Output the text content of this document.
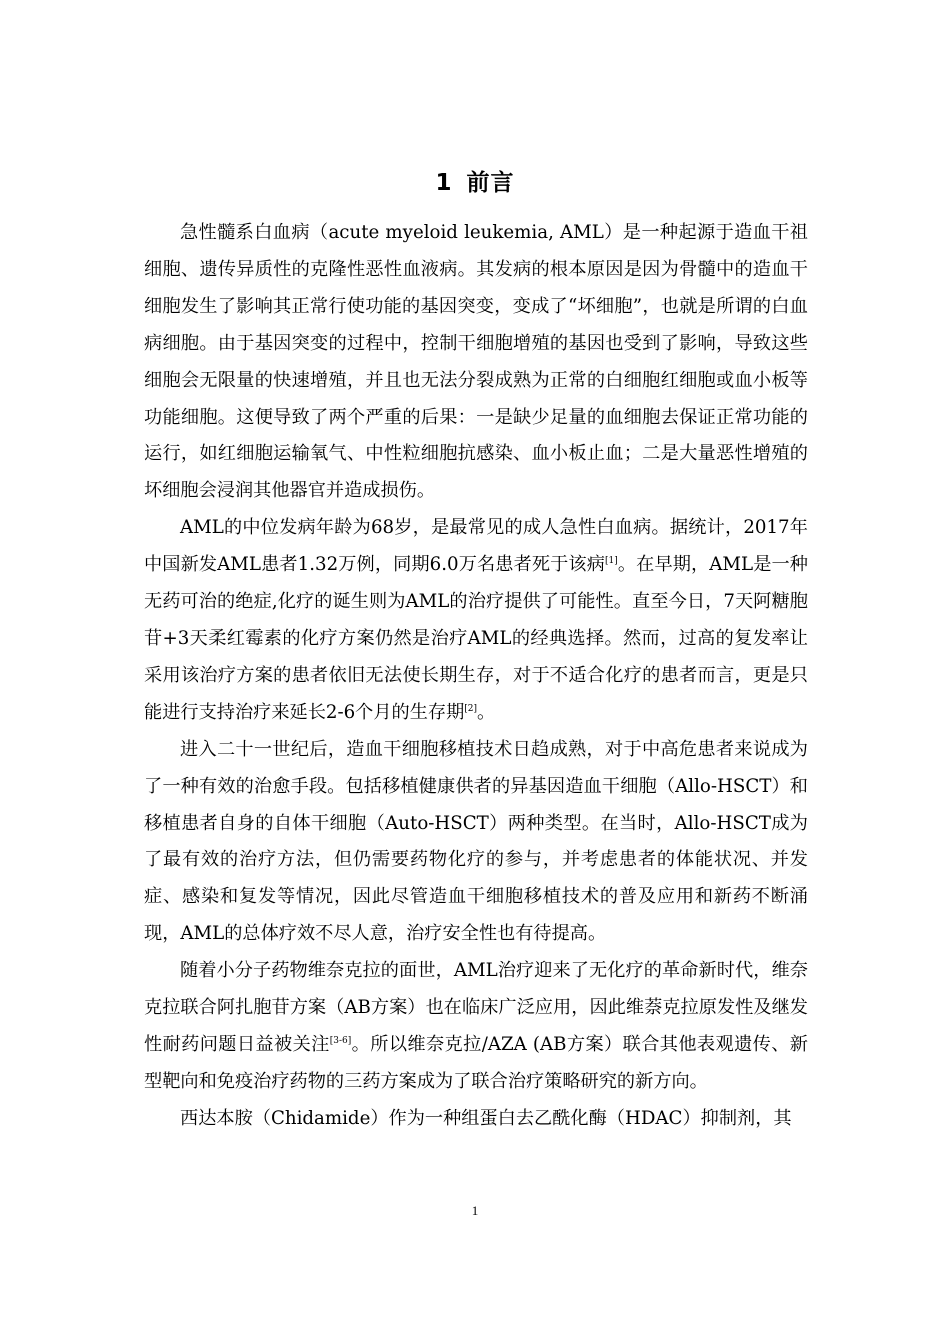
1 前言

急性髓系白血病（acute myeloid leukemia, AML）是一种起源于造血干祖细胞、遗传异质性的克隆性恶性血液病。其发病的根本原因是因为骨髓中的造血干细胞发生了影响其正常行使功能的基因突变，变成了“坏细胞”，也就是所谓的白血病细胞。由于基因突变的过程中，控制干细胞增殖的基因也受到了影响，导致这些细胞会无限量的快速增殖，并且也无法分裂成熟为正常的白细胞红细胞或血小板等功能细胞。这便导致了两个严重的后果：一是缺少足量的血细胞去保证正常功能的运行，如红细胞运输氧气、中性粒细胞抗感染、血小板止血；二是大量恶性增殖的坏细胞会浸润其他器官并造成损伤。

AML的中位发病年龄为68岁，是最常见的成人急性白血病。据统计，2017年中国新发AML患者1.32万例，同期6.0万名患者死于该病[1]。在早期，AML是一种无药可治的绝症,化疗的诞生则为AML的治疗提供了可能性。直至今日，7天阿糖胞苷+3天柔红霉素的化疗方案仍然是治疗AML的经典选择。然而，过高的复发率让采用该治疗方案的患者依旧无法使长期生存，对于不适合化疗的患者而言，更是只能进行支持治疗来延长2-6个月的生存期[2]。

进入二十一世纪后，造血干细胞移植技术日趋成熟，对于中高危患者来说成为了一种有效的治愈手段。包括移植健康供者的异基因造血干细胞（Allo-HSCT）和移植患者自身的自体干细胞（Auto-HSCT）两种类型。在当时，Allo-HSCT成为了最有效的治疗方法，但仍需要药物化疗的参与，并考虑患者的体能状况、并发症、感染和复发等情况，因此尽管造血干细胞移植技术的普及应用和新药不断涌现，AML的总体疗效不尽人意，治疗安全性也有待提高。

随着小分子药物维奈克拉的面世，AML治疗迎来了无化疗的革命新时代，维奈克拉联合阿扎胞苷方案（AB方案）也在临床广泛应用，因此维萘克拉原发性及继发性耐药问题日益被关注[3-6]。所以维奈克拉/AZA (AB方案）联合其他表观遗传、新型靶向和免疫治疗药物的三药方案成为了联合治疗策略研究的新方向。

西达本胺（Chidamide）作为一种组蛋白去乙酰化酶（HDAC）抑制剂，其

1
